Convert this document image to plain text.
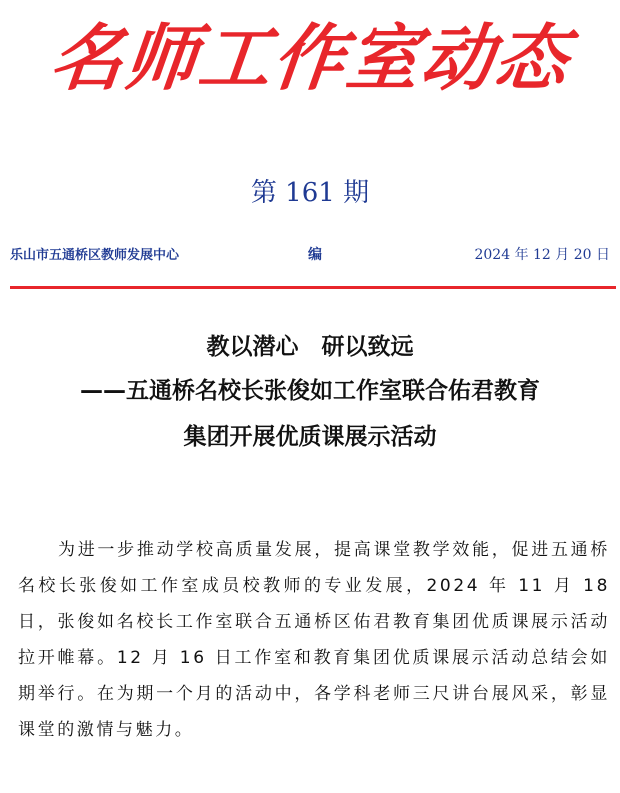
名师工作室动态
第 161 期
乐山市五通桥区教师发展中心	编	2024 年 12 月 20 日
教以潜心　研以致远
——五通桥名校长张俊如工作室联合佑君教育
集团开展优质课展示活动

为进一步推动学校高质量发展，提高课堂教学效能，促进五通桥名校长张俊如工作室成员校教师的专业发展，2024 年 11 月 18 日，张俊如名校长工作室联合五通桥区佑君教育集团优质课展示活动拉开帷幕。12 月 16 日工作室和教育集团优质课展示活动总结会如期举行。在为期一个月的活动中，各学科老师三尺讲台展风采，彰显课堂的激情与魅力。
